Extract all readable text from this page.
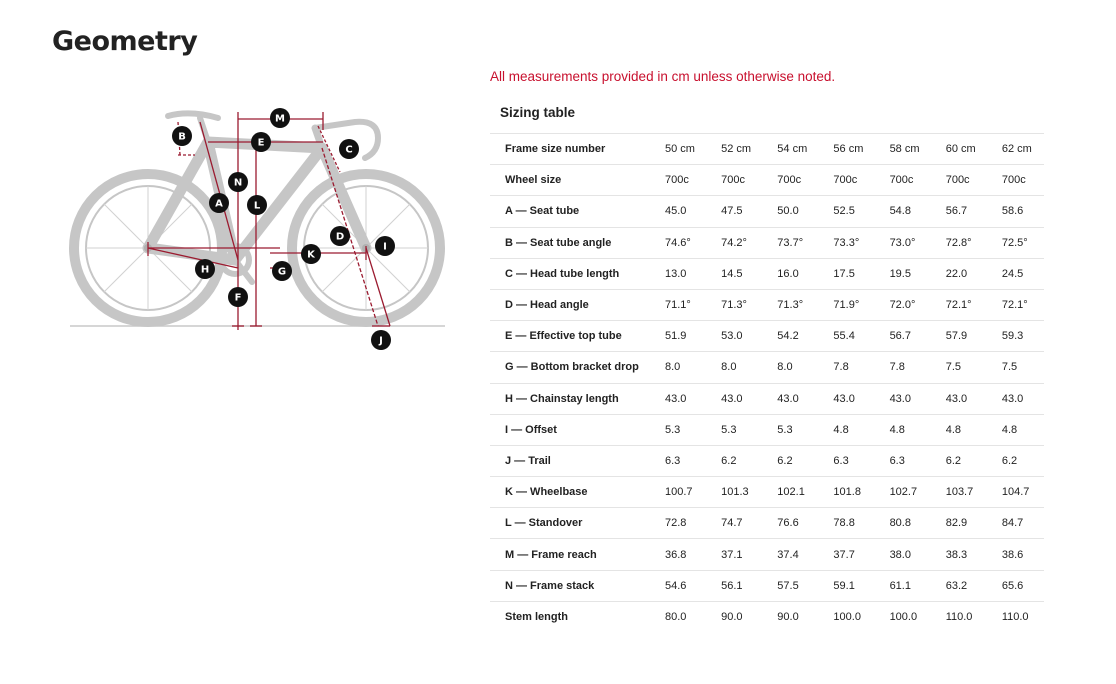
Geometry
All measurements provided in cm unless otherwise noted.
Sizing table
M
B
E
C
N
A	L
D
I
K
H	G
F
J
Frame size number	50 cm	52 cm	54 cm	56 cm	58 cm	60 cm	62 cm
Wheel size	700c	700c	700c	700c	700c	700c	700c
A — Seat tube	45.0	47.5	50.0	52.5	54.8	56.7	58.6
B — Seat tube angle	74.6°	74.2°	73.7°	73.3°	73.0°	72.8°	72.5°
C — Head tube length	13.0	14.5	16.0	17.5	19.5	22.0	24.5
D — Head angle	71.1°	71.3°	71.3°	71.9°	72.0°	72.1°	72.1°
E — Effective top tube	51.9	53.0	54.2	55.4	56.7	57.9	59.3
G — Bottom bracket drop	8.0	8.0	8.0	7.8	7.8	7.5	7.5
H — Chainstay length	43.0	43.0	43.0	43.0	43.0	43.0	43.0
I — Offset	5.3	5.3	5.3	4.8	4.8	4.8	4.8
J — Trail	6.3	6.2	6.2	6.3	6.3	6.2	6.2
K — Wheelbase	100.7	101.3	102.1	101.8	102.7	103.7	104.7
L — Standover	72.8	74.7	76.6	78.8	80.8	82.9	84.7
M — Frame reach	36.8	37.1	37.4	37.7	38.0	38.3	38.6
N — Frame stack	54.6	56.1	57.5	59.1	61.1	63.2	65.6
Stem length	80.0	90.0	90.0	100.0	100.0	110.0	110.0
